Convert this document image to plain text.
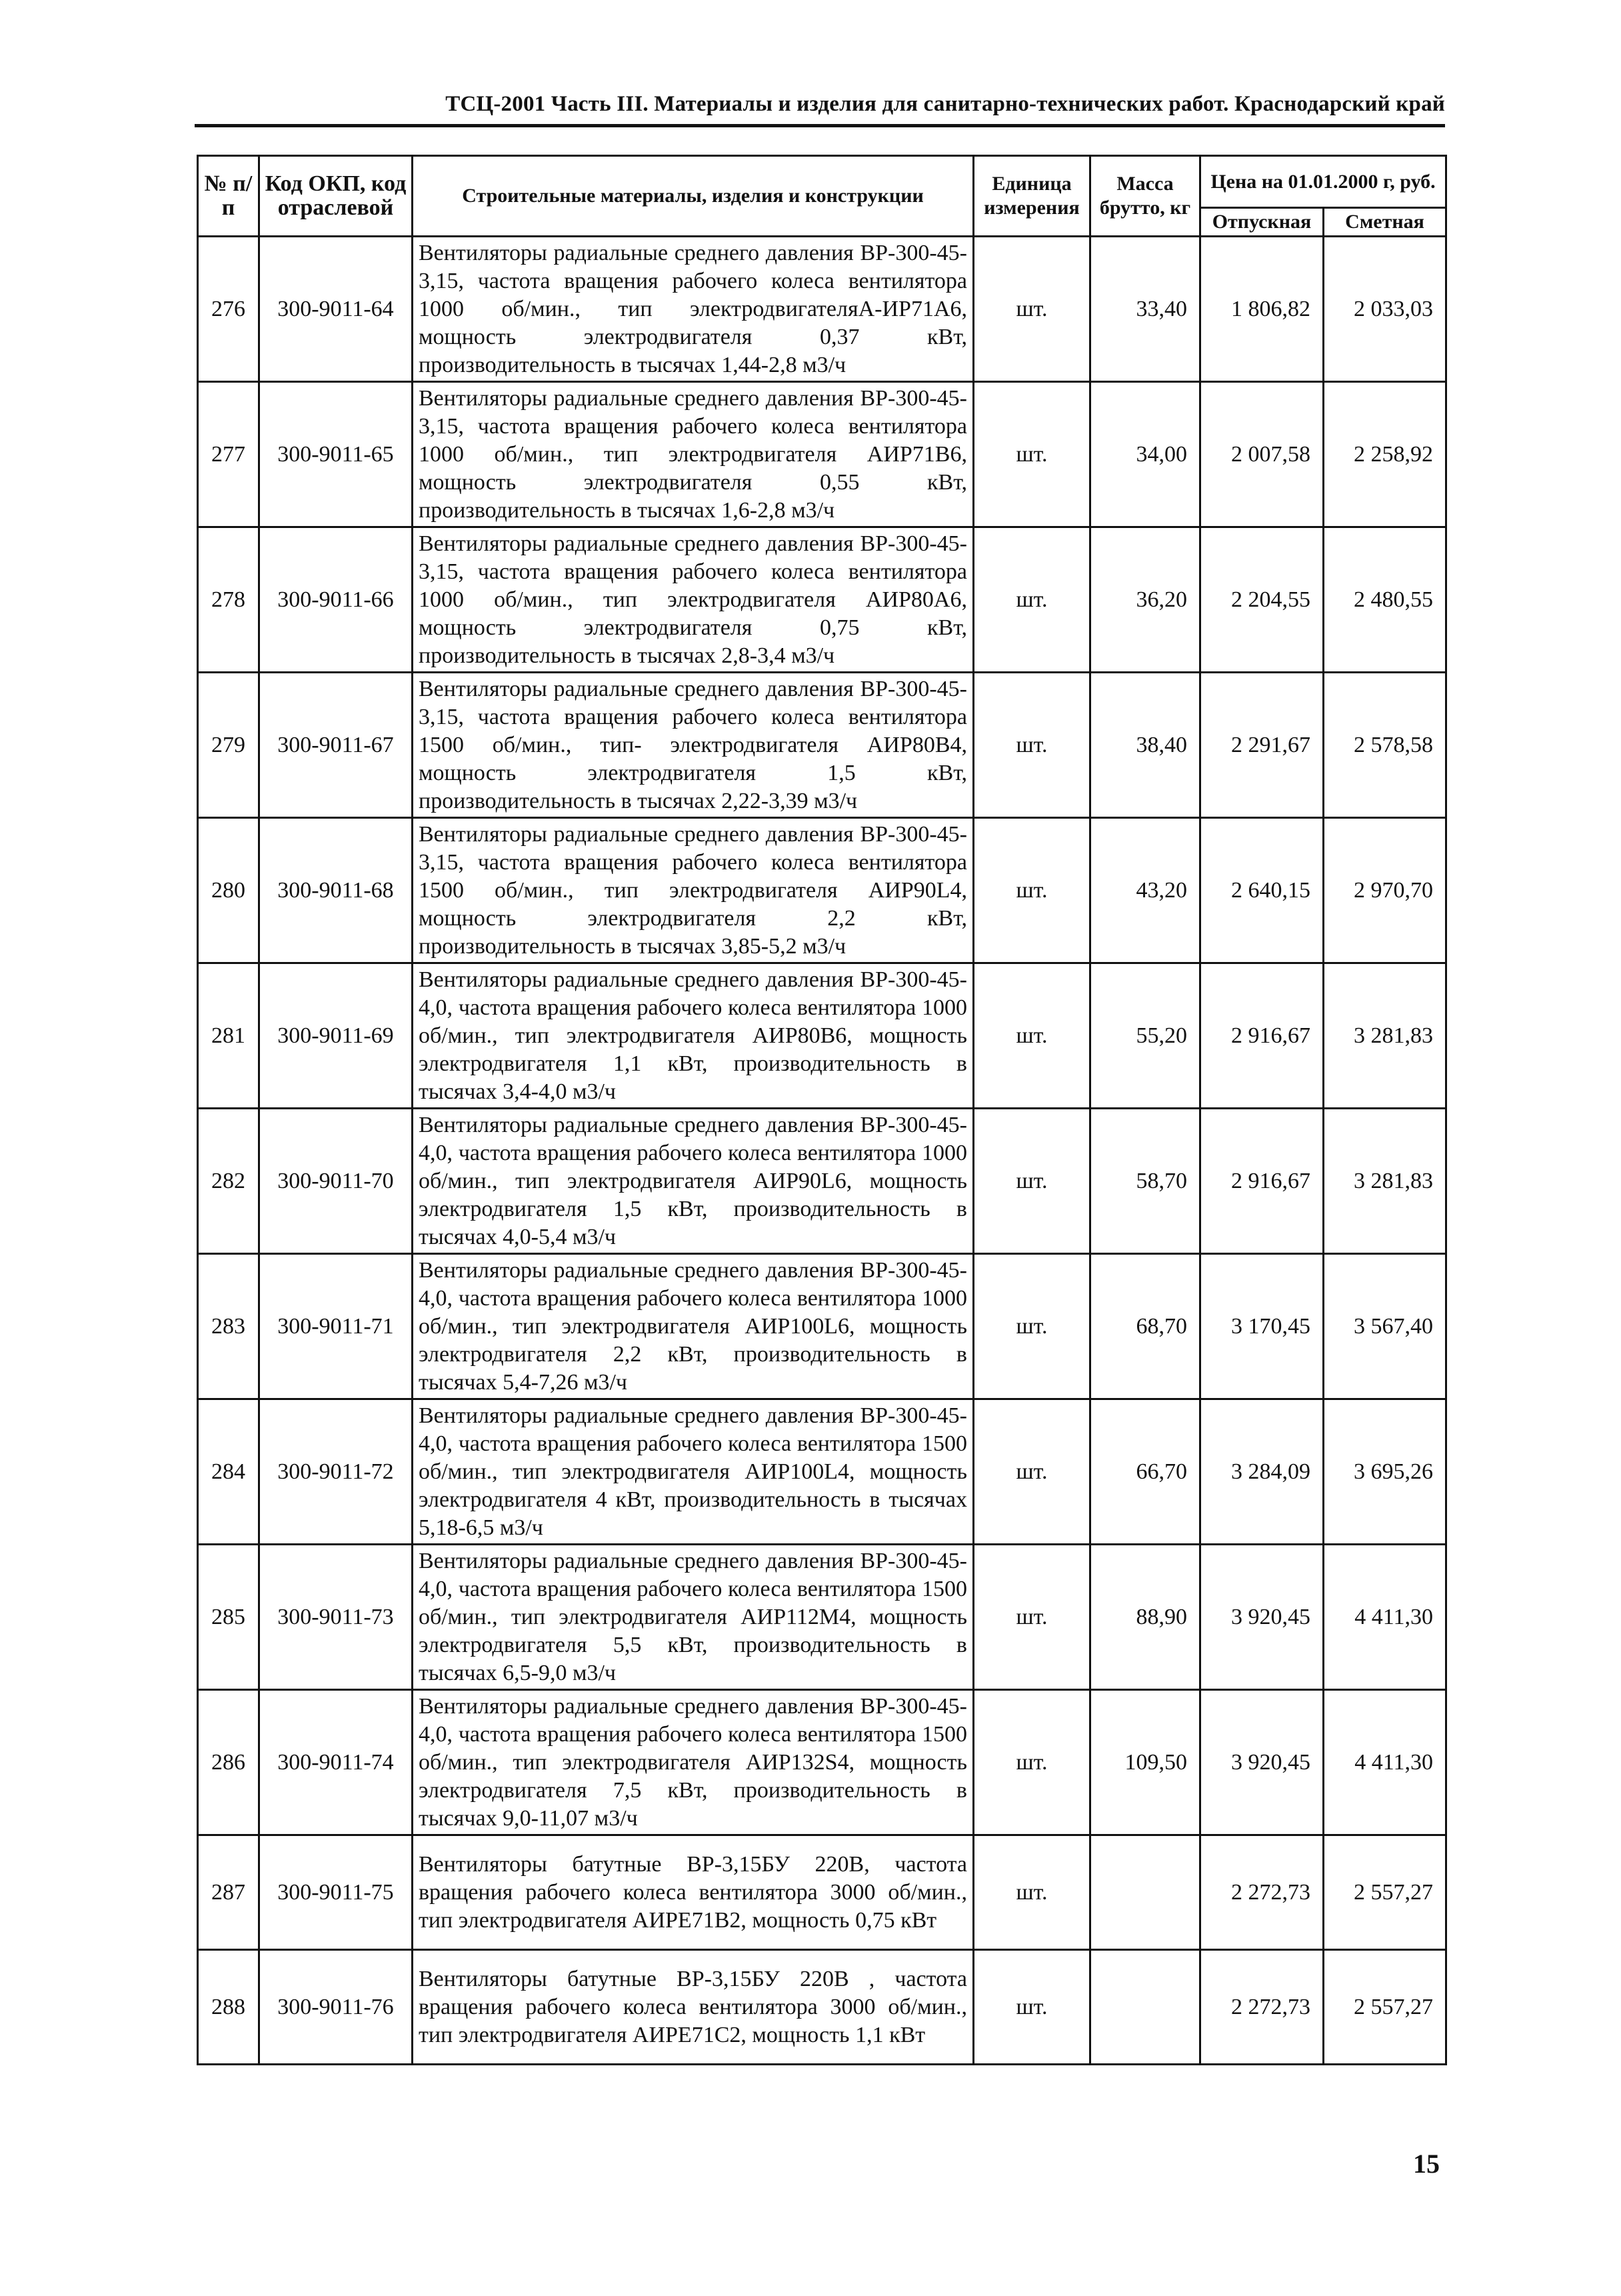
ТСЦ-2001 Часть III. Материалы и изделия для санитарно-технических работ. Краснодарский край
№ п/п	Код ОКП, код отраслевой	Строительные материалы, изделия и конструкции	Единица измерения	Масса брутто, кг	Цена на 01.01.2000 г, руб.	
					Отпускная	Сметная
276	300-9011-64	Вентиляторы радиальные среднего давления ВР-300-45-3,15, частота вращения рабочего колеса вентилятора 1000 об/мин., тип электродвигателяА-ИР71А6, мощность электродвигателя 0,37 кВт, производительность в тысячах 1,44-2,8 м3/ч	шт.	33,40	1 806,82	2 033,03
277	300-9011-65	Вентиляторы радиальные среднего давления ВР-300-45-3,15, частота вращения рабочего колеса вентилятора 1000 об/мин., тип электродвигателя АИР71В6, мощность электродвигателя 0,55 кВт, производительность в тысячах 1,6-2,8 м3/ч	шт.	34,00	2 007,58	2 258,92
278	300-9011-66	Вентиляторы радиальные среднего давления ВР-300-45-3,15, частота вращения рабочего колеса вентилятора 1000 об/мин., тип электродвигателя АИР80А6, мощность электродвигателя 0,75 кВт, производительность в тысячах 2,8-3,4 м3/ч	шт.	36,20	2 204,55	2 480,55
279	300-9011-67	Вентиляторы радиальные среднего давления ВР-300-45-3,15, частота вращения рабочего колеса вентилятора 1500 об/мин., тип- электродвигателя АИР80В4, мощность электродвигателя 1,5 кВт, производительность в тысячах 2,22-3,39 м3/ч	шт.	38,40	2 291,67	2 578,58
280	300-9011-68	Вентиляторы радиальные среднего давления ВР-300-45-3,15, частота вращения рабочего колеса вентилятора 1500 об/мин., тип электродвигателя АИР90L4, мощность электродвигателя 2,2 кВт, производительность в тысячах 3,85-5,2 м3/ч	шт.	43,20	2 640,15	2 970,70
281	300-9011-69	Вентиляторы радиальные среднего давления ВР-300-45-4,0, частота вращения рабочего колеса вентилятора 1000 об/мин., тип электродвигателя АИР80В6, мощность электродвигателя 1,1 кВт, производительность в тысячах 3,4-4,0 м3/ч	шт.	55,20	2 916,67	3 281,83
282	300-9011-70	Вентиляторы радиальные среднего давления ВР-300-45-4,0, частота вращения рабочего колеса вентилятора 1000 об/мин., тип электродвигателя АИР90L6, мощность электродвигателя 1,5 кВт, производительность в тысячах 4,0-5,4 м3/ч	шт.	58,70	2 916,67	3 281,83
283	300-9011-71	Вентиляторы радиальные среднего давления ВР-300-45-4,0, частота вращения рабочего колеса вентилятора 1000 об/мин., тип электродвигателя АИР100L6, мощность электродвигателя 2,2 кВт, производительность в тысячах 5,4-7,26 м3/ч	шт.	68,70	3 170,45	3 567,40
284	300-9011-72	Вентиляторы радиальные среднего давления ВР-300-45-4,0, частота вращения рабочего колеса вентилятора 1500 об/мин., тип электродвигателя АИР100L4, мощность электродвигателя 4 кВт, производительность в тысячах 5,18-6,5 м3/ч	шт.	66,70	3 284,09	3 695,26
285	300-9011-73	Вентиляторы радиальные среднего давления ВР-300-45-4,0, частота вращения рабочего колеса вентилятора 1500 об/мин., тип электродвигателя АИР112М4, мощность электродвигателя 5,5 кВт, производительность в тысячах 6,5-9,0 м3/ч	шт.	88,90	3 920,45	4 411,30
286	300-9011-74	Вентиляторы радиальные среднего давления ВР-300-45-4,0, частота вращения рабочего колеса вентилятора 1500 об/мин., тип электродвигателя АИР132S4, мощность электродвигателя 7,5 кВт, производительность в тысячах 9,0-11,07 м3/ч	шт.	109,50	3 920,45	4 411,30
287	300-9011-75	Вентиляторы батутные ВР-3,15БУ 220В, частота вращения рабочего колеса вентилятора 3000 об/мин., тип электродвигателя АИРЕ71В2, мощность 0,75 кВт	шт.		2 272,73	2 557,27
288	300-9011-76	Вентиляторы батутные ВР-3,15БУ 220В , частота вращения рабочего колеса вентилятора 3000 об/мин., тип электродвигателя АИРЕ71С2, мощность 1,1 кВт	шт.		2 272,73	2 557,27
15
